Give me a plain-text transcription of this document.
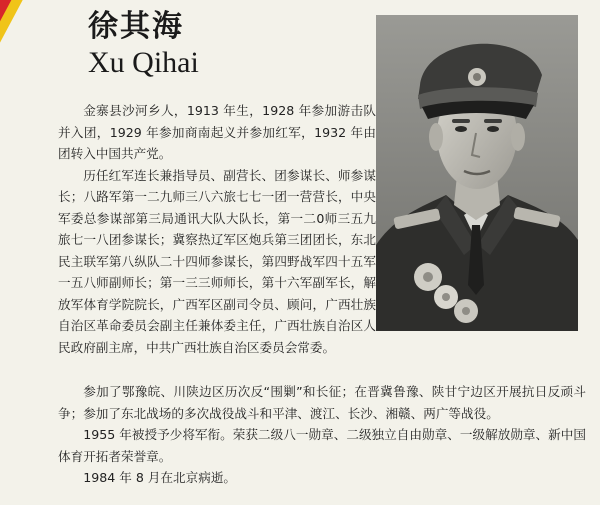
徐其海
Xu Qihai

金寨县沙河乡人，1913 年生，1928 年参加游击队并入团，1929 年参加商南起义并参加红军，1932 年由团转入中国共产党。

历任红军连长兼指导员、副营长、团参谋长、师参谋长；八路军第一二九师三八六旅七七一团一营营长，中央军委总参谋部第三局通讯大队大队长，第一二0师三五九旅七一八团参谋长；冀察热辽军区炮兵第三团团长，东北民主联军第八纵队二十四师参谋长，第四野战军四十五军一五八师副师长；第一三三师师长，第十六军副军长，解放军体育学院院长，广西军区副司令员、顾问，广西壮族自治区革命委员会副主任兼体委主任，广西壮族自治区人民政府副主席，中共广西壮族自治区委员会常委。

参加了鄂豫皖、川陕边区历次反“围剿”和长征；在晋冀鲁豫、陕甘宁边区开展抗日反顽斗争；参加了东北战场的多次战役战斗和平津、渡江、长沙、湘赣、两广等战役。

1955 年被授予少将军衔。荣获二级八一勋章、二级独立自由勋章、一级解放勋章、新中国体育开拓者荣誉章。

1984 年 8 月在北京病逝。
